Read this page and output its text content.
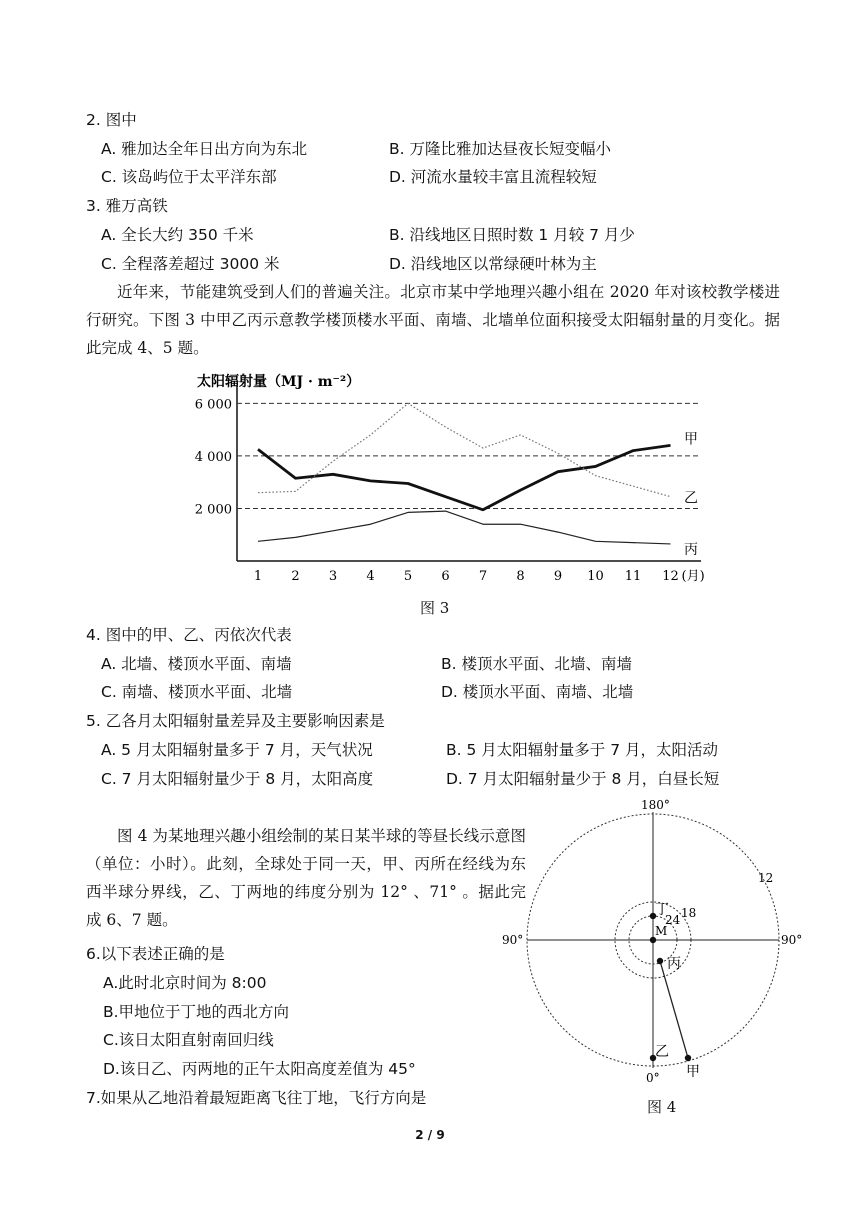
2. 图中
A. 雅加达全年日出方向为东北	B. 万隆比雅加达昼夜长短变幅小
C. 该岛屿位于太平洋东部	D. 河流水量较丰富且流程较短
3. 雅万高铁
A. 全长大约 350 千米	B. 沿线地区日照时数 1 月较 7 月少
C. 全程落差超过 3000 米	D. 沿线地区以常绿硬叶林为主
近年来，节能建筑受到人们的普遍关注。北京市某中学地理兴趣小组在 2020 年对该校教学楼进行研究。下图 3 中甲乙丙示意教学楼顶楼水平面、南墙、北墙单位面积接受太阳辐射量的月变化。据此完成 4、5 题。
太阳辐射量（MJ · m⁻²）
2 000
4 000
6 000
1 2 3 4 5 6 7 8 9 10 11 12 (月)
甲
乙
丙
图 3
4. 图中的甲、乙、丙依次代表
A. 北墙、楼顶水平面、南墙	B. 楼顶水平面、北墙、南墙
C. 南墙、楼顶水平面、北墙	D. 楼顶水平面、南墙、北墙
5. 乙各月太阳辐射量差异及主要影响因素是
A. 5 月太阳辐射量多于 7 月，天气状况	B. 5 月太阳辐射量多于 7 月，太阳活动
C. 7 月太阳辐射量少于 8 月，太阳高度	D. 7 月太阳辐射量少于 8 月，白昼长短
图 4 为某地理兴趣小组绘制的某日某半球的等昼长线示意图（单位：小时）。此刻，全球处于同一天，甲、丙所在经线为东西半球分界线，乙、丁两地的纬度分别为 12° 、71° 。据此完成 6、7 题。
6.以下表述正确的是
A.此时北京时间为 8:00
B.甲地位于丁地的西北方向
C.该日太阳直射南回归线
D.该日乙、丙两地的正午太阳高度差值为 45°
7.如果从乙地沿着最短距离飞往丁地，飞行方向是
180°
0°
90°	90°
12
18
24
M
丁
丙
乙
甲
图 4
2 / 9
